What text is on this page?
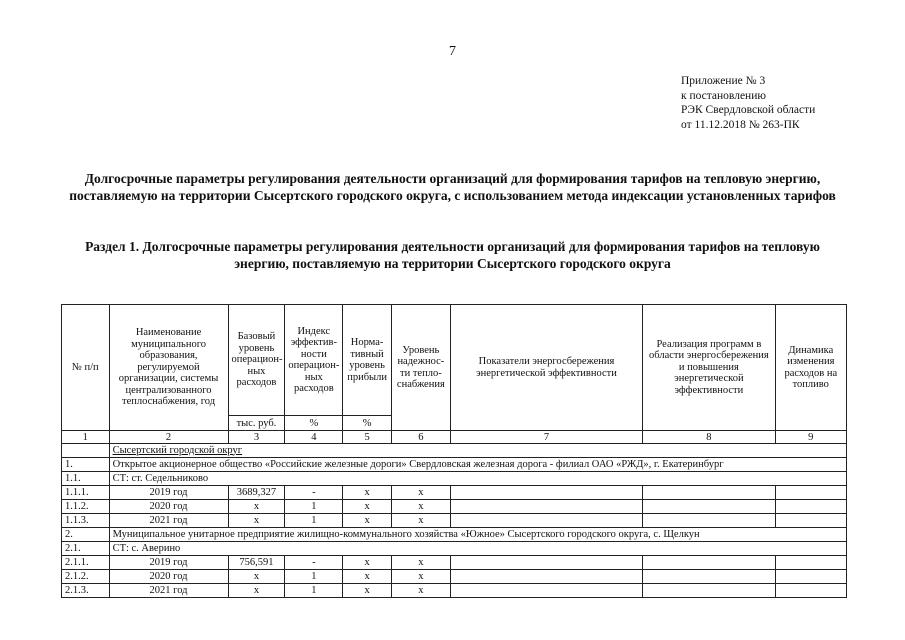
7
Приложение № 3
к постановлению
РЭК Свердловской области
от 11.12.2018 № 263-ПК
Долгосрочные параметры регулирования деятельности организаций для формирования тарифов на тепловую энергию, поставляемую на территории Сысертского городского округа, с использованием метода индексации установленных тарифов
Раздел 1. Долгосрочные параметры регулирования деятельности организаций для формирования тарифов на тепловую энергию, поставляемую на территории Сысертского городского округа
№ п/п	Наименование муниципального образования, регулируемой организации, системы централизованного теплоснабжения, год	Базовый уровень операцион-ных расходов	Индекс эффектив-ности операцион-ных расходов	Норма-тивный уровень прибыли	Уровень надежнос-ти тепло-снабжения	Показатели энергосбережения энергетической эффективности	Реализация программ в области энергосбережения и повышения энергетической эффективности	Динамика изменения расходов на топливо
		тыс. руб.	%	%				
1	2	3	4	5	6	7	8	9
	Сысертский городской округ							
1.	Открытое акционерное общество «Российские железные дороги» Свердловская железная дорога - филиал ОАО «РЖД», г. Екатеринбург							
1.1.	СТ: ст. Седельниково							
1.1.1.	2019 год	3689,327	-	х	х			
1.1.2.	2020 год	х	1	х	х			
1.1.3.	2021 год	х	1	х	х			
2.	Муниципальное унитарное предприятие жилищно-коммунального хозяйства «Южное» Сысертского городского округа, с. Щелкун							
2.1.	СТ: с. Аверино							
2.1.1.	2019 год	756,591	-	х	х			
2.1.2.	2020 год	х	1	х	х			
2.1.3.	2021 год	х	1	х	х			
